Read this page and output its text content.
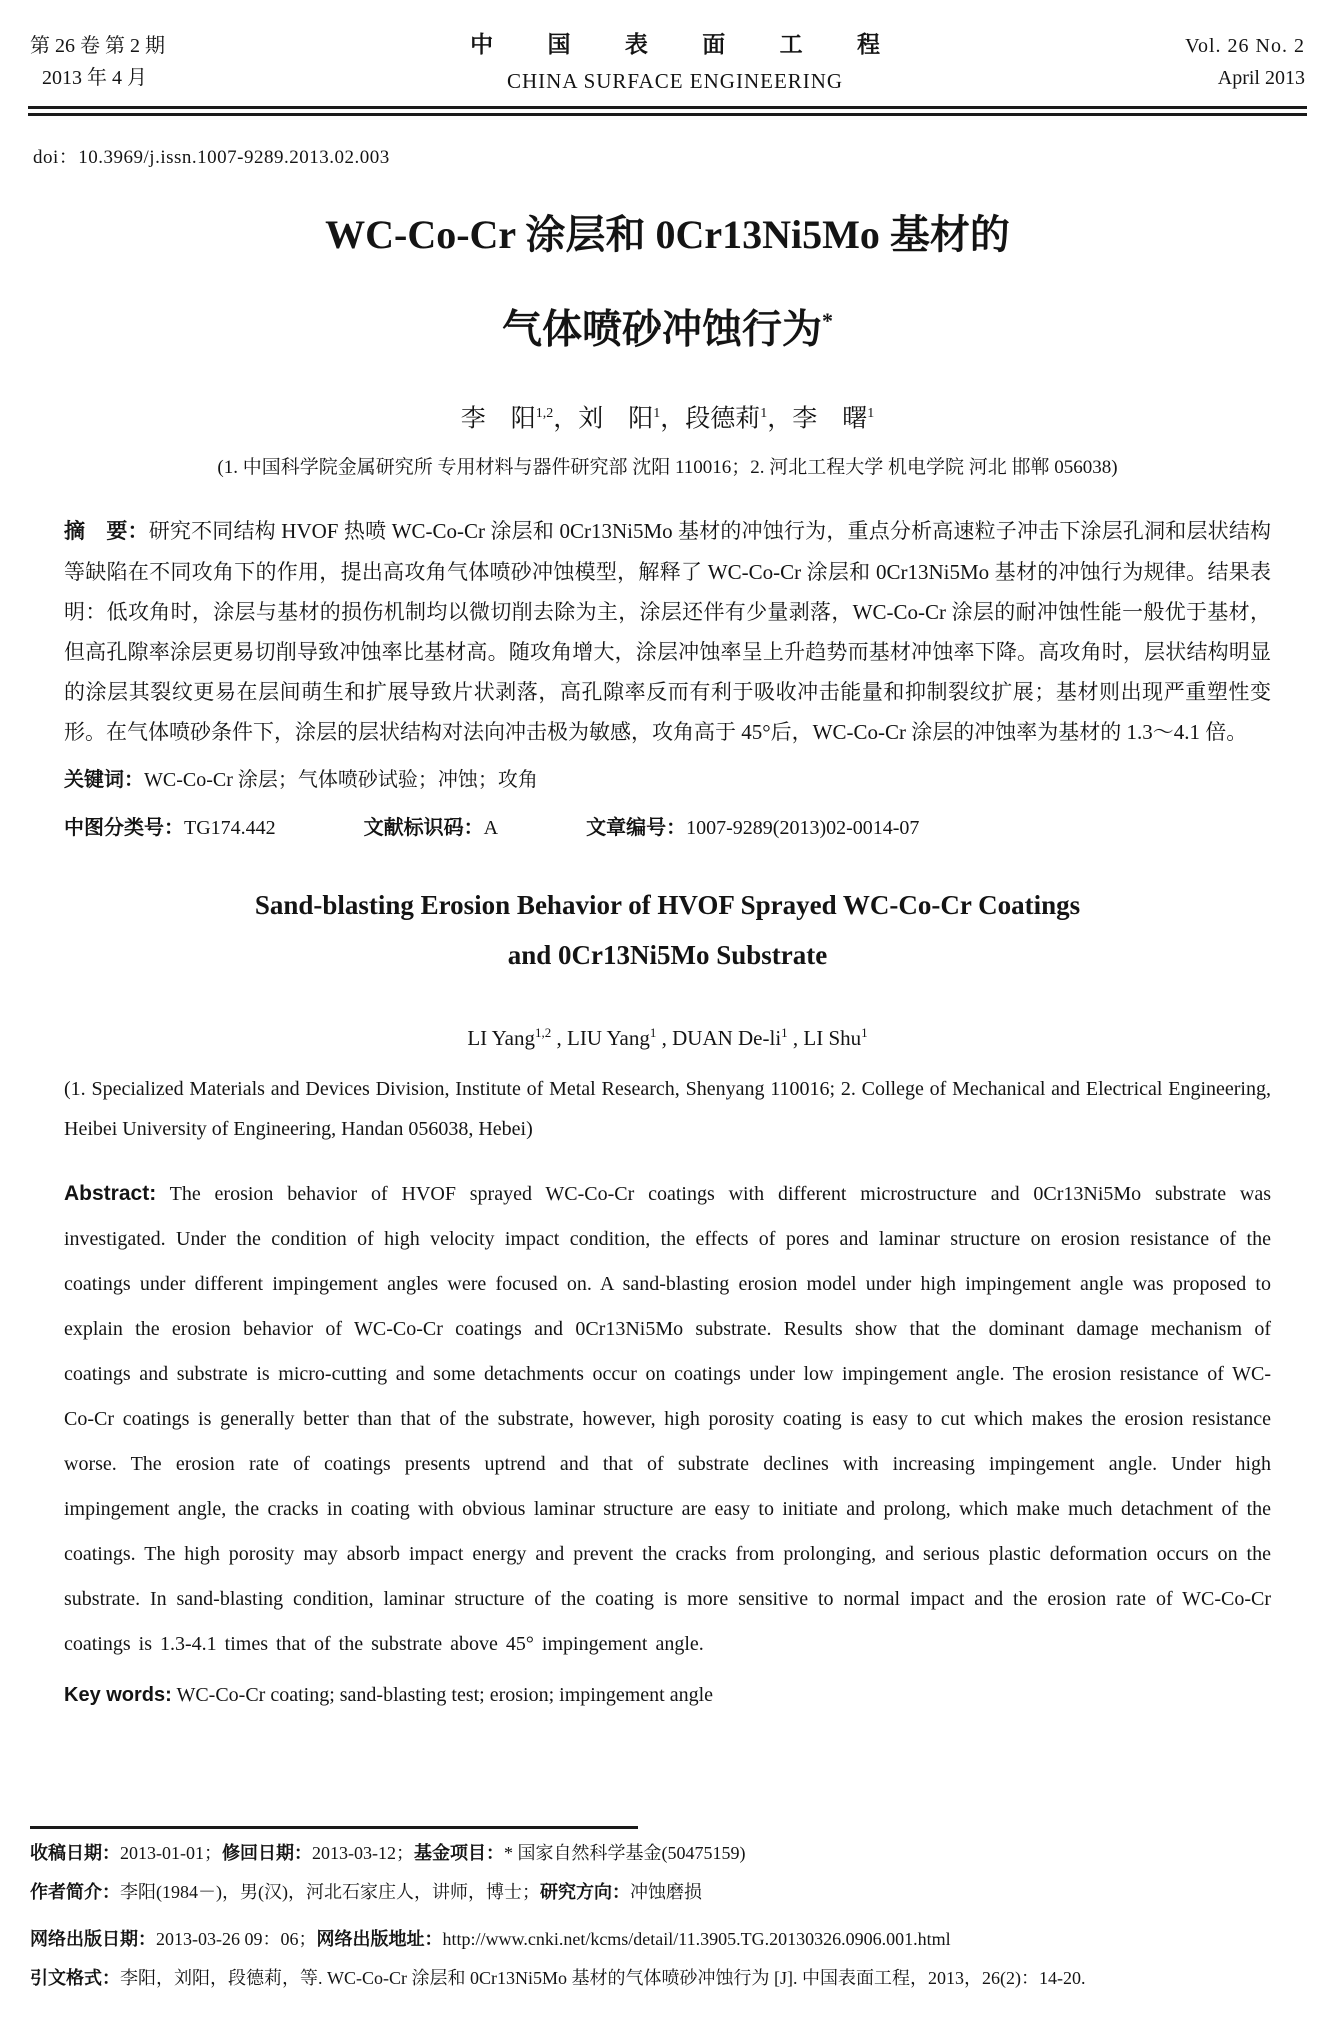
第 26 卷 第 2 期
2013 年 4 月
中 国 表 面 工 程
CHINA SURFACE ENGINEERING
Vol. 26 No. 2
April 2013
doi：10.3969/j.issn.1007-9289.2013.02.003
WC-Co-Cr 涂层和 0Cr13Ni5Mo 基材的
气体喷砂冲蚀行为*
李　阳$^{1,2}$，刘　阳$^1$，段德莉$^1$，李　曙$^1$
(1. 中国科学院金属研究所 专用材料与器件研究部 沈阳 110016；2. 河北工程大学 机电学院 河北 邯郸 056038)

摘　要：研究不同结构 HVOF 热喷 WC-Co-Cr 涂层和 0Cr13Ni5Mo 基材的冲蚀行为，重点分析高速粒子冲击下涂层孔洞和层状结构等缺陷在不同攻角下的作用，提出高攻角气体喷砂冲蚀模型，解释了 WC-Co-Cr 涂层和 0Cr13Ni5Mo 基材的冲蚀行为规律。结果表明：低攻角时，涂层与基材的损伤机制均以微切削去除为主，涂层还伴有少量剥落，WC-Co-Cr 涂层的耐冲蚀性能一般优于基材，但高孔隙率涂层更易切削导致冲蚀率比基材高。随攻角增大，涂层冲蚀率呈上升趋势而基材冲蚀率下降。高攻角时，层状结构明显的涂层其裂纹更易在层间萌生和扩展导致片状剥落，高孔隙率反而有利于吸收冲击能量和抑制裂纹扩展；基材则出现严重塑性变形。在气体喷砂条件下，涂层的层状结构对法向冲击极为敏感，攻角高于 45°后，WC-Co-Cr 涂层的冲蚀率为基材的 1.3～4.1 倍。

关键词：WC-Co-Cr 涂层；气体喷砂试验；冲蚀；攻角

中图分类号：TG174.442	文献标识码：A	文章编号：1007-9289(2013)02-0014-07
Sand-blasting Erosion Behavior of HVOF Sprayed WC-Co-Cr Coatings
and 0Cr13Ni5Mo Substrate
LI Yang$^{1,2}$ , LIU Yang$^1$ , DUAN $De-li^1$ , LI Shu$^1$
(1. Specialized Materials and Devices Division, Institute of Metal Research, Shenyang 110016; 2. College of Mechanical and Electrical Engineering, Heibei University of Engineering, Handan 056038, Hebei)

Abstract: The erosion behavior of HVOF sprayed WC-Co-Cr coatings with different microstructure and 0Cr13Ni5Mo substrate was investigated. Under the condition of high velocity impact condition, the effects of pores and laminar structure on erosion resistance of the coatings under different impingement angles were focused on. A sand-blasting erosion model under high impingement angle was proposed to explain the erosion behavior of WC-Co-Cr coatings and 0Cr13Ni5Mo substrate. Results show that the dominant damage mechanism of coatings and substrate is micro-cutting and some detachments occur on coatings under low impingement angle. The erosion resistance of WC-Co-Cr coatings is generally better than that of the substrate, however, high porosity coating is easy to cut which makes the erosion resistance worse. The erosion rate of coatings presents uptrend and that of substrate declines with increasing impingement angle. Under high impingement angle, the cracks in coating with obvious laminar structure are easy to initiate and prolong, which make much detachment of the coatings. The high porosity may absorb impact energy and prevent the cracks from prolonging, and serious plastic deformation occurs on the substrate. In sand-blasting condition, laminar structure of the coating is more sensitive to normal impact and the erosion rate of WC-Co-Cr coatings is 1.3-4.1 times that of the substrate above 45° impingement angle.

Key words: WC-Co-Cr coating; sand-blasting test; erosion; impingement angle

收稿日期：2013-01-01；修回日期：2013-03-12；基金项目：* 国家自然科学基金(50475159)
作者简介：李阳(1984－)，男(汉)，河北石家庄人，讲师，博士；研究方向：冲蚀磨损
网络出版日期：2013-03-26 09：06；网络出版地址：http://www.cnki.net/kcms/detail/11.3905.TG.20130326.0906.001.html
引文格式：李阳，刘阳，段德莉，等. WC-Co-Cr 涂层和 0Cr13Ni5Mo 基材的气体喷砂冲蚀行为 [J]. 中国表面工程，2013，26(2)：14-20.
